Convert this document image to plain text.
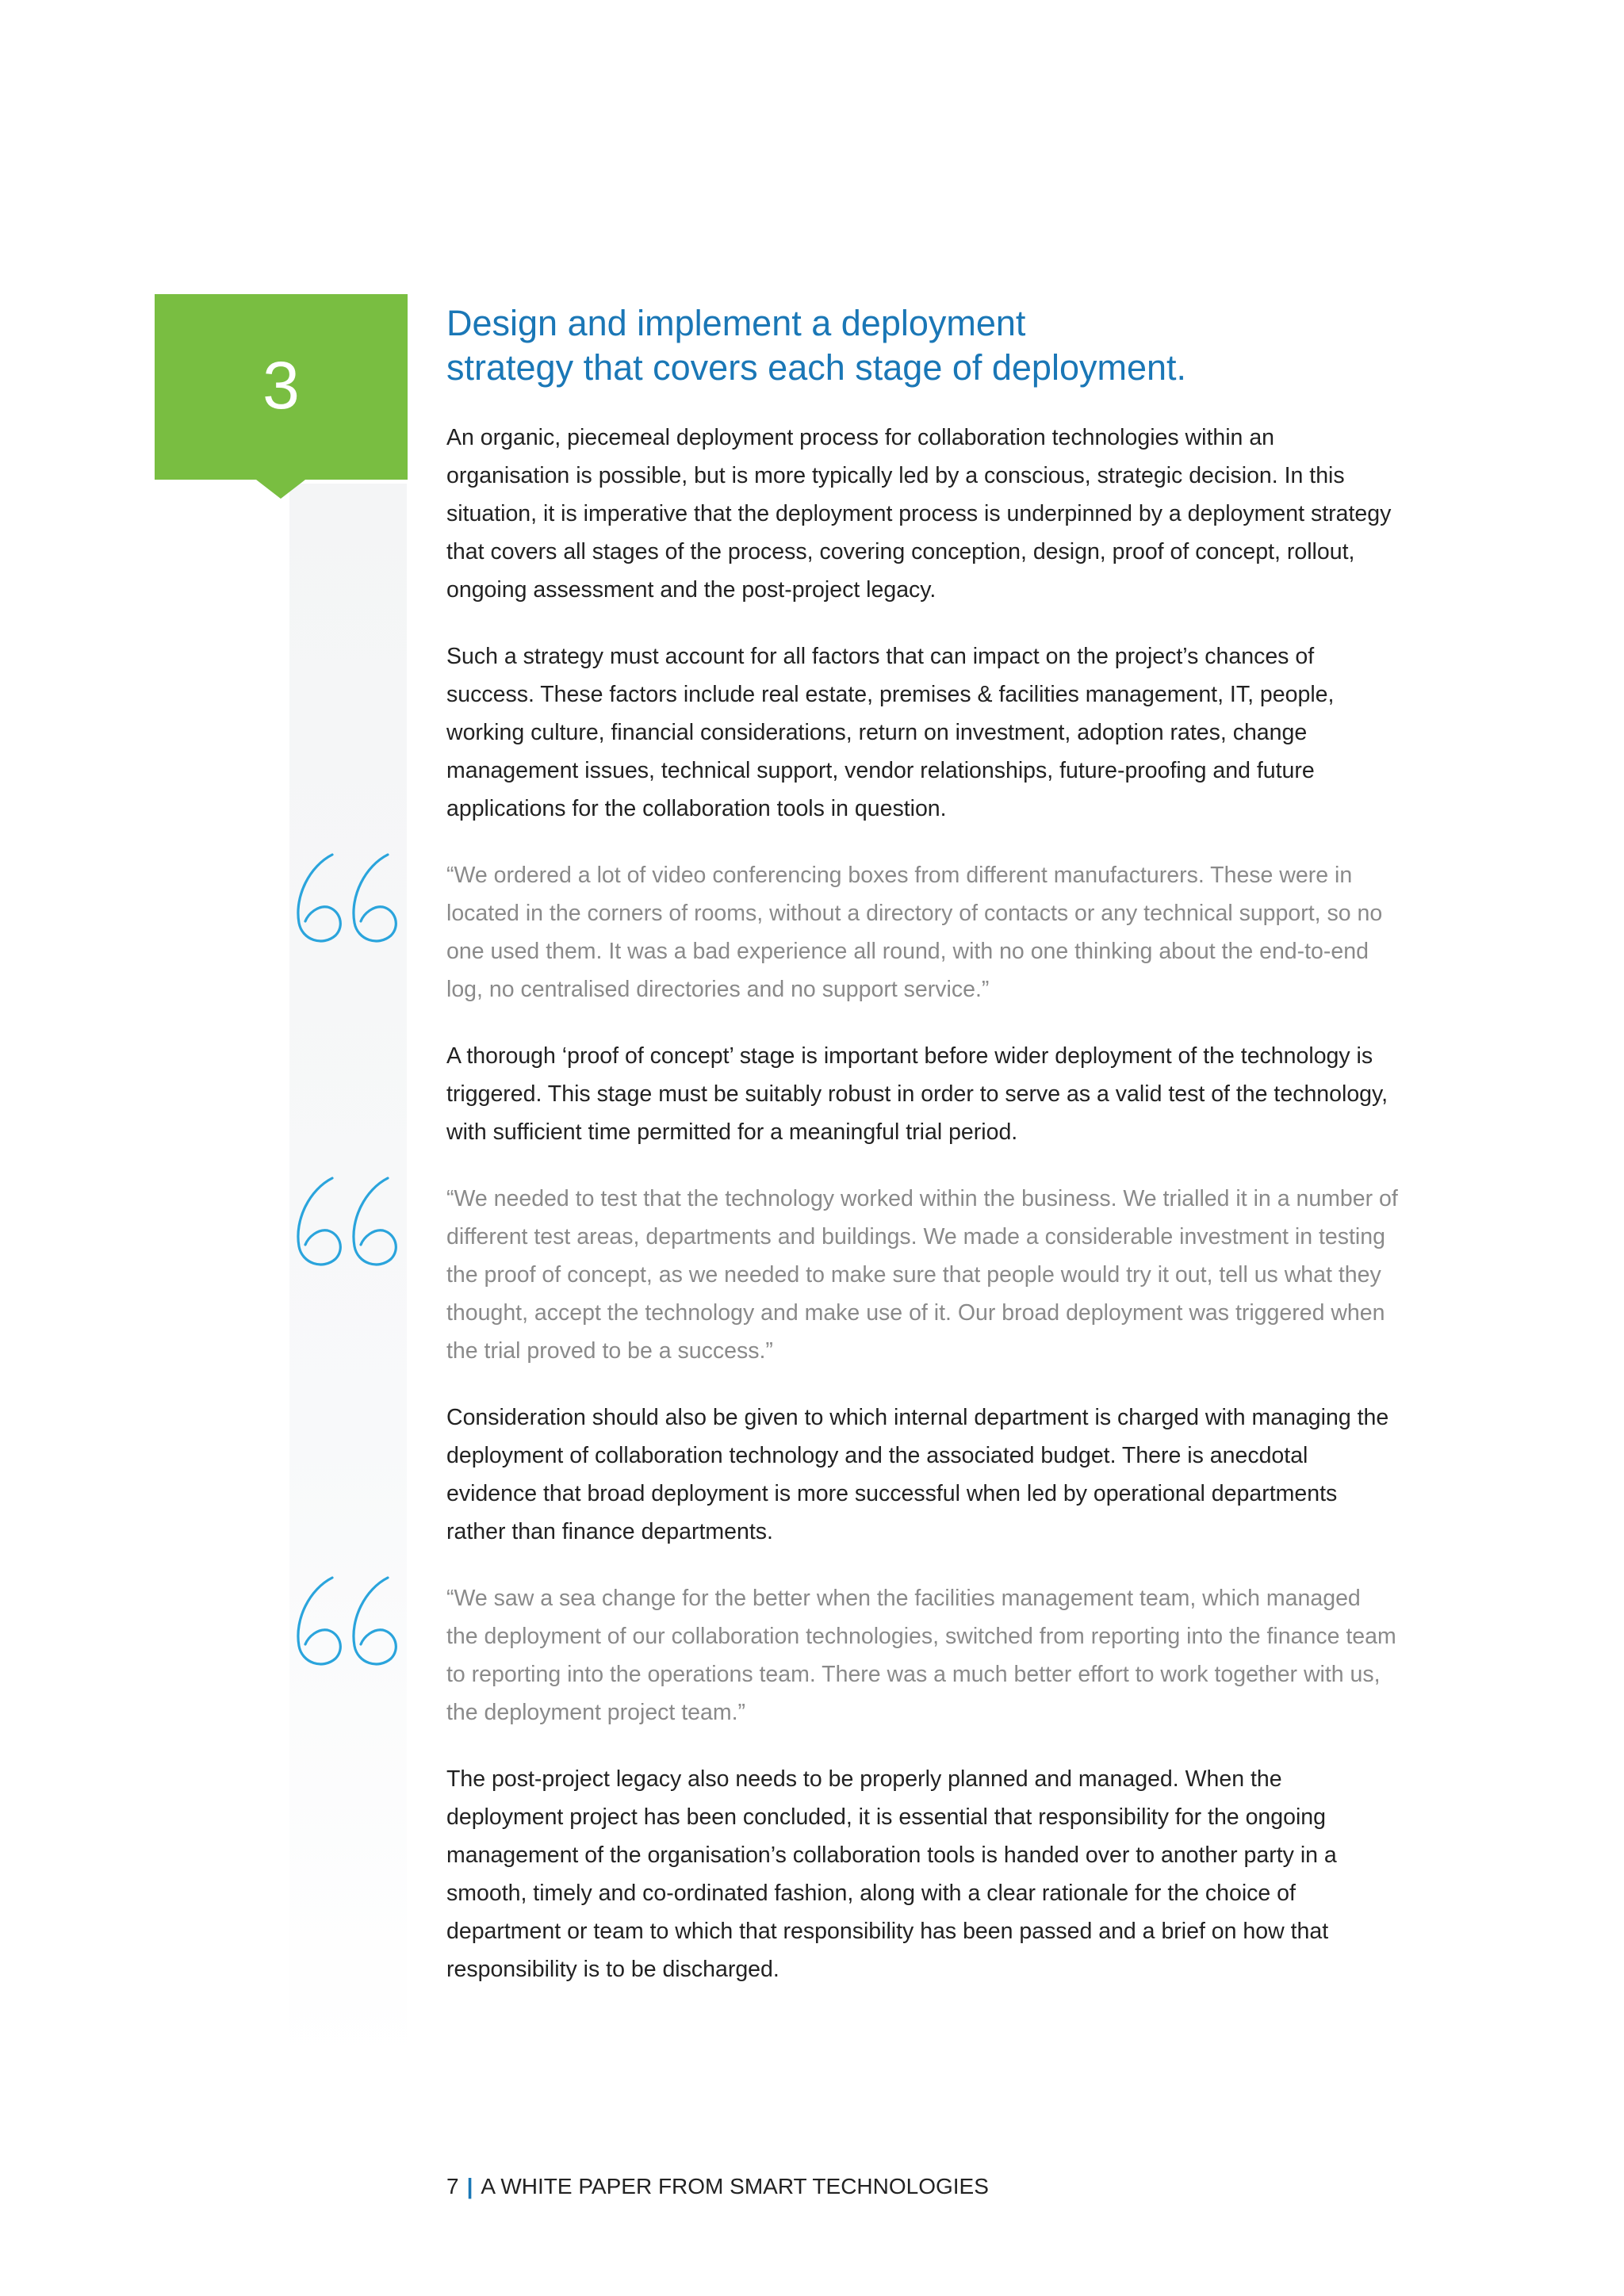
3
Design and implement a deployment
strategy that covers each stage of deployment.

An organic, piecemeal deployment process for collaboration technologies within an organisation is possible, but is more typically led by a conscious, strategic decision. In this situation, it is imperative that the deployment process is underpinned by a deployment strategy that covers all stages of the process, covering conception, design, proof of concept, rollout, ongoing assessment and the post-project legacy.

Such a strategy must account for all factors that can impact on the project’s chances of success. These factors include real estate, premises & facilities management, IT, people, working culture, financial considerations, return on investment, adoption rates, change management issues, technical support, vendor relationships, future-proofing and future applications for the collaboration tools in question.

“We ordered a lot of video conferencing boxes from different manufacturers. These were in located in the corners of rooms, without a directory of contacts or any technical support, so no one used them. It was a bad experience all round, with no one thinking about the end-to-end log, no centralised directories and no support service.”

A thorough ‘proof of concept’ stage is important before wider deployment of the technology is triggered. This stage must be suitably robust in order to serve as a valid test of the technology, with sufficient time permitted for a meaningful trial period.

“We needed to test that the technology worked within the business. We trialled it in a number of different test areas, departments and buildings. We made a considerable investment in testing the proof of concept, as we needed to make sure that people would try it out, tell us what they thought, accept the technology and make use of it. Our broad deployment was triggered when the trial proved to be a success.”

Consideration should also be given to which internal department is charged with managing the deployment of collaboration technology and the associated budget. There is anecdotal evidence that broad deployment is more successful when led by operational departments rather than finance departments.

“We saw a sea change for the better when the facilities management team, which managed the deployment of our collaboration technologies, switched from reporting into the finance team to reporting into the operations team. There was a much better effort to work together with us, the deployment project team.”

The post-project legacy also needs to be properly planned and managed. When the deployment project has been concluded, it is essential that responsibility for the ongoing management of the organisation’s collaboration tools is handed over to another party in a smooth, timely and co-ordinated fashion, along with a clear rationale for the choice of department or team to which that responsibility has been passed and a brief on how that responsibility is to be discharged.

7 | A WHITE PAPER FROM SMART TECHNOLOGIES
